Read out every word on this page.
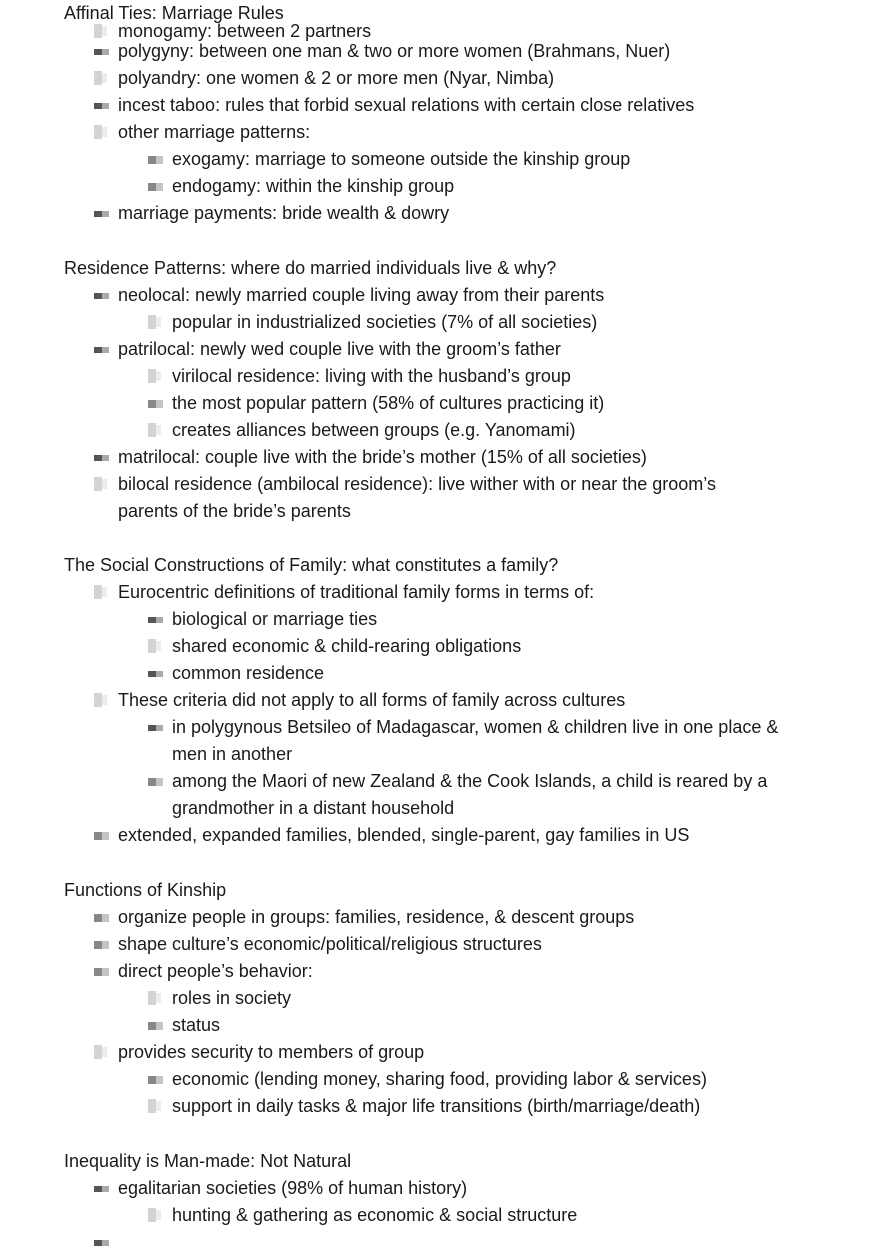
Affinal Ties: Marriage Rules
monogamy: between 2 partners
polygyny: between one man & two or more women (Brahmans, Nuer)
polyandry: one women & 2 or more men (Nyar, Nimba)
incest taboo: rules that forbid sexual relations with certain close relatives
other marriage patterns:
exogamy: marriage to someone outside the kinship group
endogamy: within the kinship group
marriage payments: bride wealth & dowry
Residence Patterns: where do married individuals live & why?
neolocal: newly married couple living away from their parents
popular in industrialized societies (7% of all societies)
patrilocal: newly wed couple live with the groom’s father
virilocal residence: living with the husband’s group
the most popular pattern (58% of cultures practicing it)
creates alliances between groups (e.g. Yanomami)
matrilocal: couple live with the bride’s mother (15% of all societies)
bilocal residence (ambilocal residence): live wither with or near the groom’s
parents of the bride’s parents
The Social Constructions of Family: what constitutes a family?
Eurocentric definitions of traditional family forms in terms of:
biological or marriage ties
shared economic & child-rearing obligations
common residence
These criteria did not apply to all forms of family across cultures
in polygynous Betsileo of Madagascar, women & children live in one place &
men in another
among the Maori of new Zealand & the Cook Islands, a child is reared by a
grandmother in a distant household
extended, expanded families, blended, single-parent, gay families in US
Functions of Kinship
organize people in groups: families, residence, & descent groups
shape culture’s economic/political/religious structures
direct people’s behavior:
roles in society
status
provides security to members of group
economic (lending money, sharing food, providing labor & services)
support in daily tasks & major life transitions (birth/marriage/death)
Inequality is Man-made: Not Natural
egalitarian societies (98% of human history)
hunting & gathering as economic & social structure
